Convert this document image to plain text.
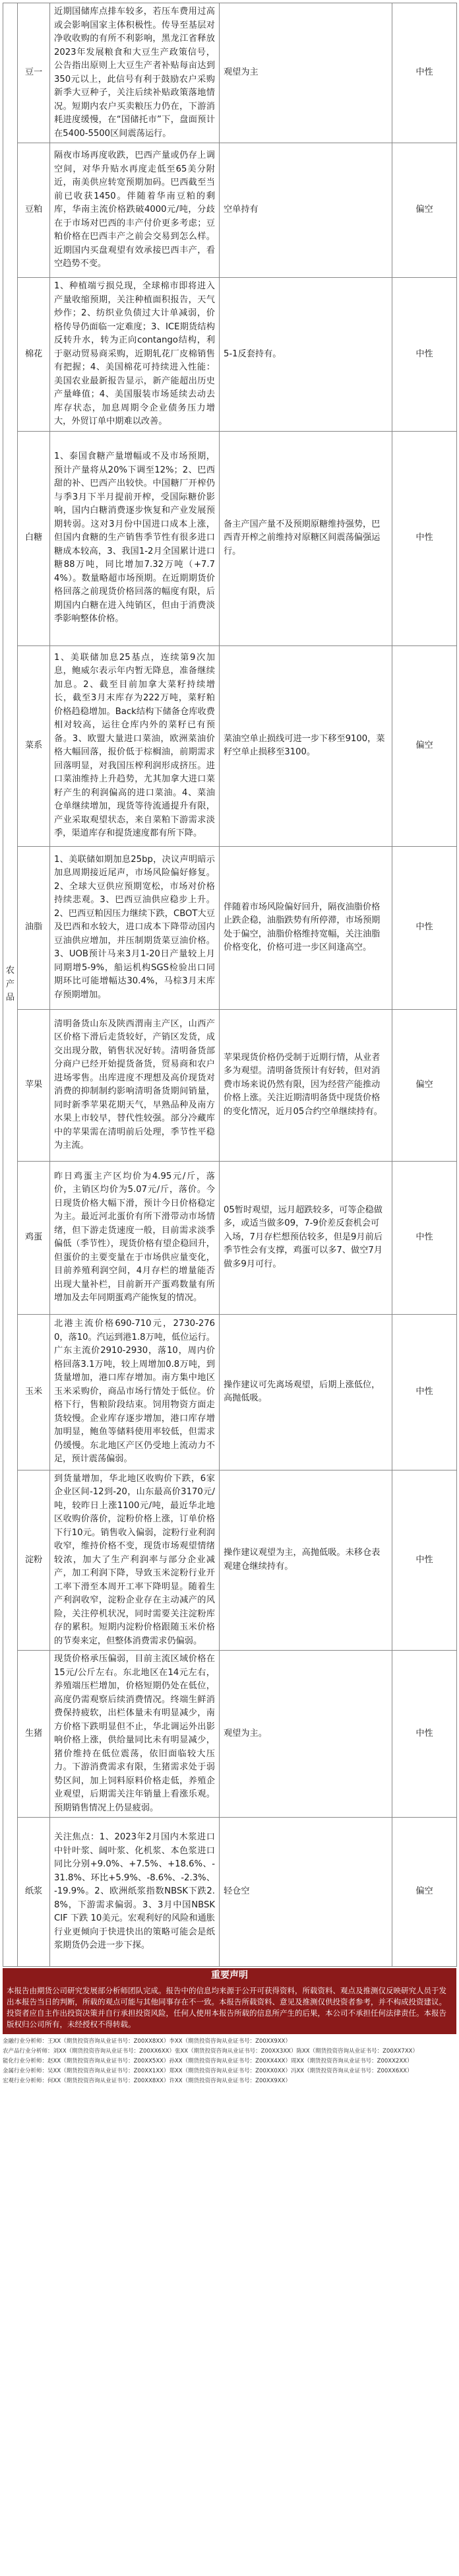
农产品	豆一	近期国储库点排车较多，若压车费用过高或会影响国家主体积极性。传导至基层对净收收购的有所不利影响，黑龙江省释放2023年发展粮食和大豆生产政策信号，公告指出原则上大豆生产者补贴每亩达到350元以上，此信号有利于鼓励农户采购新季大豆种子，关注后续补贴政策落地情况。短期内农户买卖粮压力仍在，下游消耗进度缓慢，在“国储托市”下，盘面预计在5400-5500区间震荡运行。	观望为主	中性

	豆粕	隔夜市场再度收跌，巴西产量或仍存上调空间，对华升贴水再度走低至65美分附近，南美供应转宽预期加码。巴西截至当前已收获1450。伴随着华南豆粕的剩库，华南主流价格跌破4000元/吨，分歧在于市场对巴西的丰产付价更多考虑；豆粕价格在巴西丰产之前会交易到怎么样。近期国内买盘观望有效承接巴西丰产，看空趋势不变。	空单持有	偏空

	棉花	1、种植端亏损兑现，全球棉市即将进入产量收缩预期，关注种植面积报告，天气炒作；2、纺织业负债过大计单减弱，价格传导仍面临一定难度；3、ICE期货结构反转升水，转为正向contango结构，利于驱动贸易商采购，近期轧花厂皮棉销售有把握；4、美国棉花可持续进入性能：美国农业最新报告显示，新产能超出历史产量峰值；4、美国服装市场延续去动去库存状态，加息周期令企业债务压力增大，外贸订单中期难以改善。	5-1反套持有。	中性

	白糖	1、泰国食糖产量增幅或不及市场预期，预计产量将从20%下调至12%；2、巴西甜的补、巴西产出较快。中国糖厂开榨仍与季3月下半月提前开榨，受国际糖价影响，国内白糖消费逐步恢复和产业发展预期转弱。这对3月份中国进口成本上涨，但国内食糖的生产销售季节性有很多进口糖成本较高，3、我国1-2月全国累计进口糖88万吨，同比增加7.32万吨（+7.74%）。数量略超市场预期。在近期期货价格回落之前现货价格回落的幅度有限，后期国内白糖在进入纯销区，但由于消费淡季影响整体价格。	备主产国产量不及预期原糖维持强势，巴西青开榨之前维持对原糖区间震荡偏强运行。	中性

	菜系	1、美联储加息25基点，连续第9次加息，鲍威尔表示年内暂无降息，准备继续加息。2、截至目前加拿大菜籽持续增长，截至3月末库存为222万吨，菜籽粕价格趋稳增加。Back结构下储备仓库收费相对较高，运往仓库内外的菜籽已有预备。3、欧盟大量进口菜油，欧洲菜油价格大幅回落，报价低于棕榈油，前期需求回落明显，对我国压榨利润形成挤压。进口菜油维持上升趋势，尤其加拿大进口菜籽产生的利润偏高的进口菜油。4、菜油仓单继续增加，现货等待流通提升有限，产业采取观望状态，来自菜粕下游需求淡季，渠道库存和提货速度都有所下降。	菜油空单止损线可进一步下移至9100，菜籽空单止损移至3100。	偏空

	油脂	1、美联储如期加息25bp，决议声明暗示加息周期接近尾声，市场风险偏好修复。2、全球大豆供应预期宽松，市场对价格持续悲观。3、巴西豆油供应稳步上升。2、巴西豆粕因压力继续下跌，CBOT大豆及巴西和水较大，进口成本下降带动国内豆油供应增加，并压制期货菜豆油价格。3、UOB预计马来3月1-20日产量较上月同期增5-9%，船运机构SGS检验出口同期环比可能增幅达30.4%，马棕3月末库存预期增加。	伴随着市场风险偏好回升，隔夜油脂价格止跌企稳，油脂跌势有所停滞，市场预期处于偏空，油脂价格维持宽幅，关注油脂价格变化，价格可进一步区间逢高空。	中性

	苹果	清明备货山东及陕西渭南主产区，山西产区价格下滑后走货较好，产销区发货，成交出现分散，销售状况好转。清明备货部分商户已经开始提货备货，贸易商和农户进场零售。出库进度不理想及高价现货对消费的抑制制约影响清明备货期间销量，同时新季苹果花期天气，早熟品种及南方水果上市较早，替代性较强。部分冷藏库中的苹果需在清明前后处理，季节性平稳为主流。	苹果现货价格仍受制于近期行情，从业者多为观望。清明备货预计有好转，但对消费市场来说仍然有限，因为经营产能推动价格上涨。关注近期清明备货中现货价格的变化情况，近月05合约空单继续持有。	偏空

	鸡蛋	昨日鸡蛋主产区均价为4.95元/斤，落价，主销区均价为5.07元/斤，落价。今日现货价格大幅下滑，预计今日价格稳定为主。最近河北蛋价有所下滑带动市场情绪，但下游走货速度一般，目前需求淡季偏低（季节性），现货价格有望企稳回升，但蛋价的主要变量在于市场供应量变化，目前养殖利润空间，4月存栏的增量能否出现大量补栏，目前新开产蛋鸡数量有所增加及去年同期蛋鸡产能恢复的情况。	05暂时观望，远月超跌较多，可等企稳做多，或适当做多09，7-9价差反套机会可入场，7月存栏想预估较多，但是9月前后季节性会有支撑，鸡蛋可以多7、做空7月做多9月可行。	中性

	玉米	北港主流价格690-710元，2730-2760，落10。汽运到港1.8万吨，低位运行。广东主流价2910-2930，落10，周内价格回落3.1万吨，较上周增加0.8万吨，到货量增加，港口库存增加。南方集中地区玉米采购价，商品市场行情处于低位。价格下行，售粮阶段结束。饲用物资方面走货较慢。企业库存逐步增加，港口库存增加明显，鲍鱼等储料使用率较低，但需求仍缓慢。东北地区产区仍受地上流动力不足，预计震荡偏弱。	操作建议可先离场观望，后期上涨低位，高抛低吸。	中性

	淀粉	到货量增加，华北地区收购价下跌，6家企业区间-12到-20，山东最高价3170元/吨，较昨日上涨1100元/吨，最近华北地区收购价落价，淀粉价格上涨，订单价格下行10元。销售收入偏弱，淀粉行业利润收窄，维持价格不变，现货市场观望情绪较浓，加大了生产利润率与部分企业减产，加工利润下降，导致玉米淀粉行业开工率下滑至本周开工率下降明显。随着生产利润收窄，淀粉企业存在主动减产的风险，关注停机状况，同时需要关注淀粉库存的累积。短期内淀粉价格跟随玉米价格的节奏来定，但整体消费需求仍偏弱。	操作建议观望为主，高抛低吸。未移仓表观建仓继续持有。	中性

	生猪	现货价格承压偏弱，目前主流区域价格在15元/公斤左右。东北地区在14元左右，养殖端压栏增加，价格短期仍处在低位，高度仍需观察后续消费情况。终端生鲜消费保持疲软，出栏体量未有明显减少，南方价格下跌明显但不止，华北调运外出影响价格上涨，供给量同比未有明显减少，猪价维持在低位震荡，依旧面临较大压力。下游消费需求有限，生猪需求处于弱势区间，加上饲料原料价格走低，养殖企业观望，后期需关注年销量上看涨乐观。预期销售情况上仍显疲弱。	观望为主。	中性

	纸浆	关注焦点：1、2023年2月国内木浆进口中针叶浆、阔叶浆、化机浆、本色浆进口同比分别+9.0%、+7.5%、+18.6%、-31.8%、环比+5.9%、-8.6%、-2.3%、-19.9%。2、欧洲纸浆指数NBSK下跌2.8%，下游需求偏弱。3、3月中国NBSK CIF 下跌 10美元。宏观利好的风险和通胀行业更倾向于快进快出的策略可能会是纸浆期货仍会进一步下探。	轻仓空	偏空
重要声明
本报告由期货公司研究发展部分析师团队完成。报告中的信息均来源于公开可获得资料，所载资料、观点及推测仅反映研究人员于发出本报告当日的判断，所载的观点可能与其他同事存在不一致。本报告所载资料、意见及推测仅供投资者参考，并不构成投资建议。投资者应自主作出投资决策并自行承担投资风险，任何人使用本报告所载的信息所产生的后果，本公司不承担任何法律责任。本报告版权归公司所有，未经授权不得转载。
金融行业分析师：王XX（期货投资咨询从业证书号：Z00XX8XX）李XX（期货投资咨询从业证书号：Z00XX9XX）
农产品行业分析师：刘XX（期货投资咨询从业证书号：Z00XX6XX）张XX（期货投资咨询从业证书号：Z00XX3XX）陈XX（期货投资咨询从业证书号：Z00XX7XX）
能化行业分析师：赵XX（期货投资咨询从业证书号：Z00XX5XX）孙XX（期货投资咨询从业证书号：Z00XX4XX）周XX（期货投资咨询从业证书号：Z00XX2XX）
金属行业分析师：吴XX（期货投资咨询从业证书号：Z00XX1XX）郑XX（期货投资咨询从业证书号：Z00XX0XX）冯XX（期货投资咨询从业证书号：Z00XX6XX）
宏观行业分析师：何XX（期货投资咨询从业证书号：Z00XX8XX）许XX（期货投资咨询从业证书号：Z00XX9XX）
